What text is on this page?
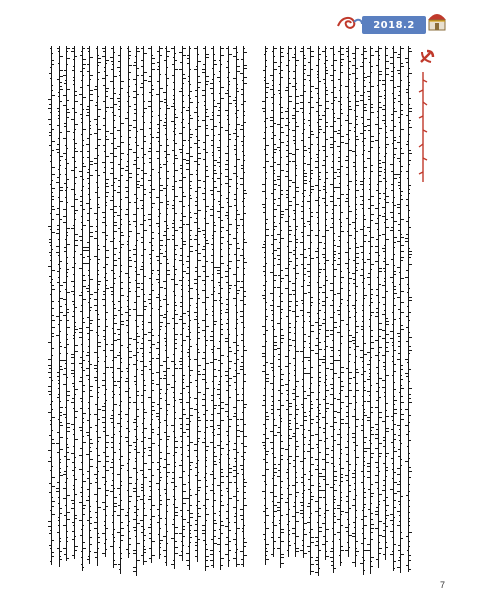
2018.2
7
